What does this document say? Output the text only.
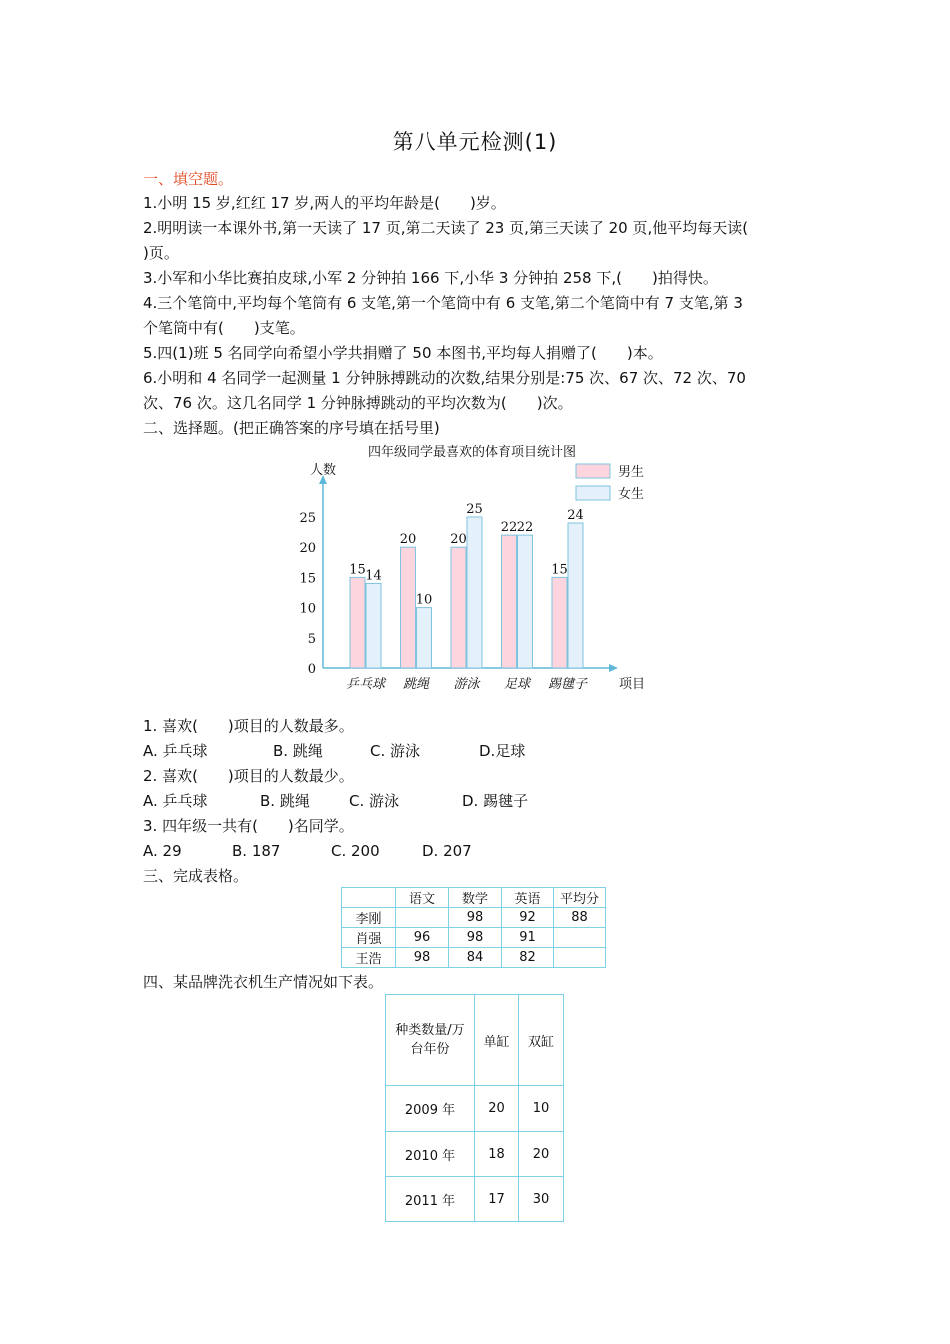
第八单元检测(1)
一、填空题。
1.小明 15 岁,红红 17 岁,两人的平均年龄是(　　)岁。
2.明明读一本课外书,第一天读了 17 页,第二天读了 23 页,第三天读了 20 页,他平均每天读(
)页。
3.小军和小华比赛拍皮球,小军 2 分钟拍 166 下,小华 3 分钟拍 258 下,(　　)拍得快。
4.三个笔筒中,平均每个笔筒有 6 支笔,第一个笔筒中有 6 支笔,第二个笔筒中有 7 支笔,第 3
个笔筒中有(　　)支笔。
5.四(1)班 5 名同学向希望小学共捐赠了 50 本图书,平均每人捐赠了(　　)本。
6.小明和 4 名同学一起测量 1 分钟脉搏跳动的次数,结果分别是:75 次、67 次、72 次、70
次、76 次。这几名同学 1 分钟脉搏跳动的平均次数为(　　)次。
二、选择题。(把正确答案的序号填在括号里)
四年级同学最喜欢的体育项目统计图
人数
项目
0
5
10
15
20
25
15 14
乒乓球
20
10
跳绳
20
25
游泳
22 22
足球
15
24
踢毽子
男生
女生
1. 喜欢(　　)项目的人数最多。
A. 乒乓球	B. 跳绳	C. 游泳	D.足球
2. 喜欢(　　)项目的人数最少。
A. 乒乓球	B. 跳绳	C. 游泳	D. 踢毽子
3. 四年级一共有(　　)名同学。
A. 29	B. 187	C. 200	D. 207
三、完成表格。
	语文	数学	英语	平均分
李刚		98	92	88
肖强	96	98	91	
王浩	98	84	82	
四、某品牌洗衣机生产情况如下表。
种类数量/万
台年份	单缸	双缸
2009 年	20	10
2010 年	18	20
2011 年	17	30
